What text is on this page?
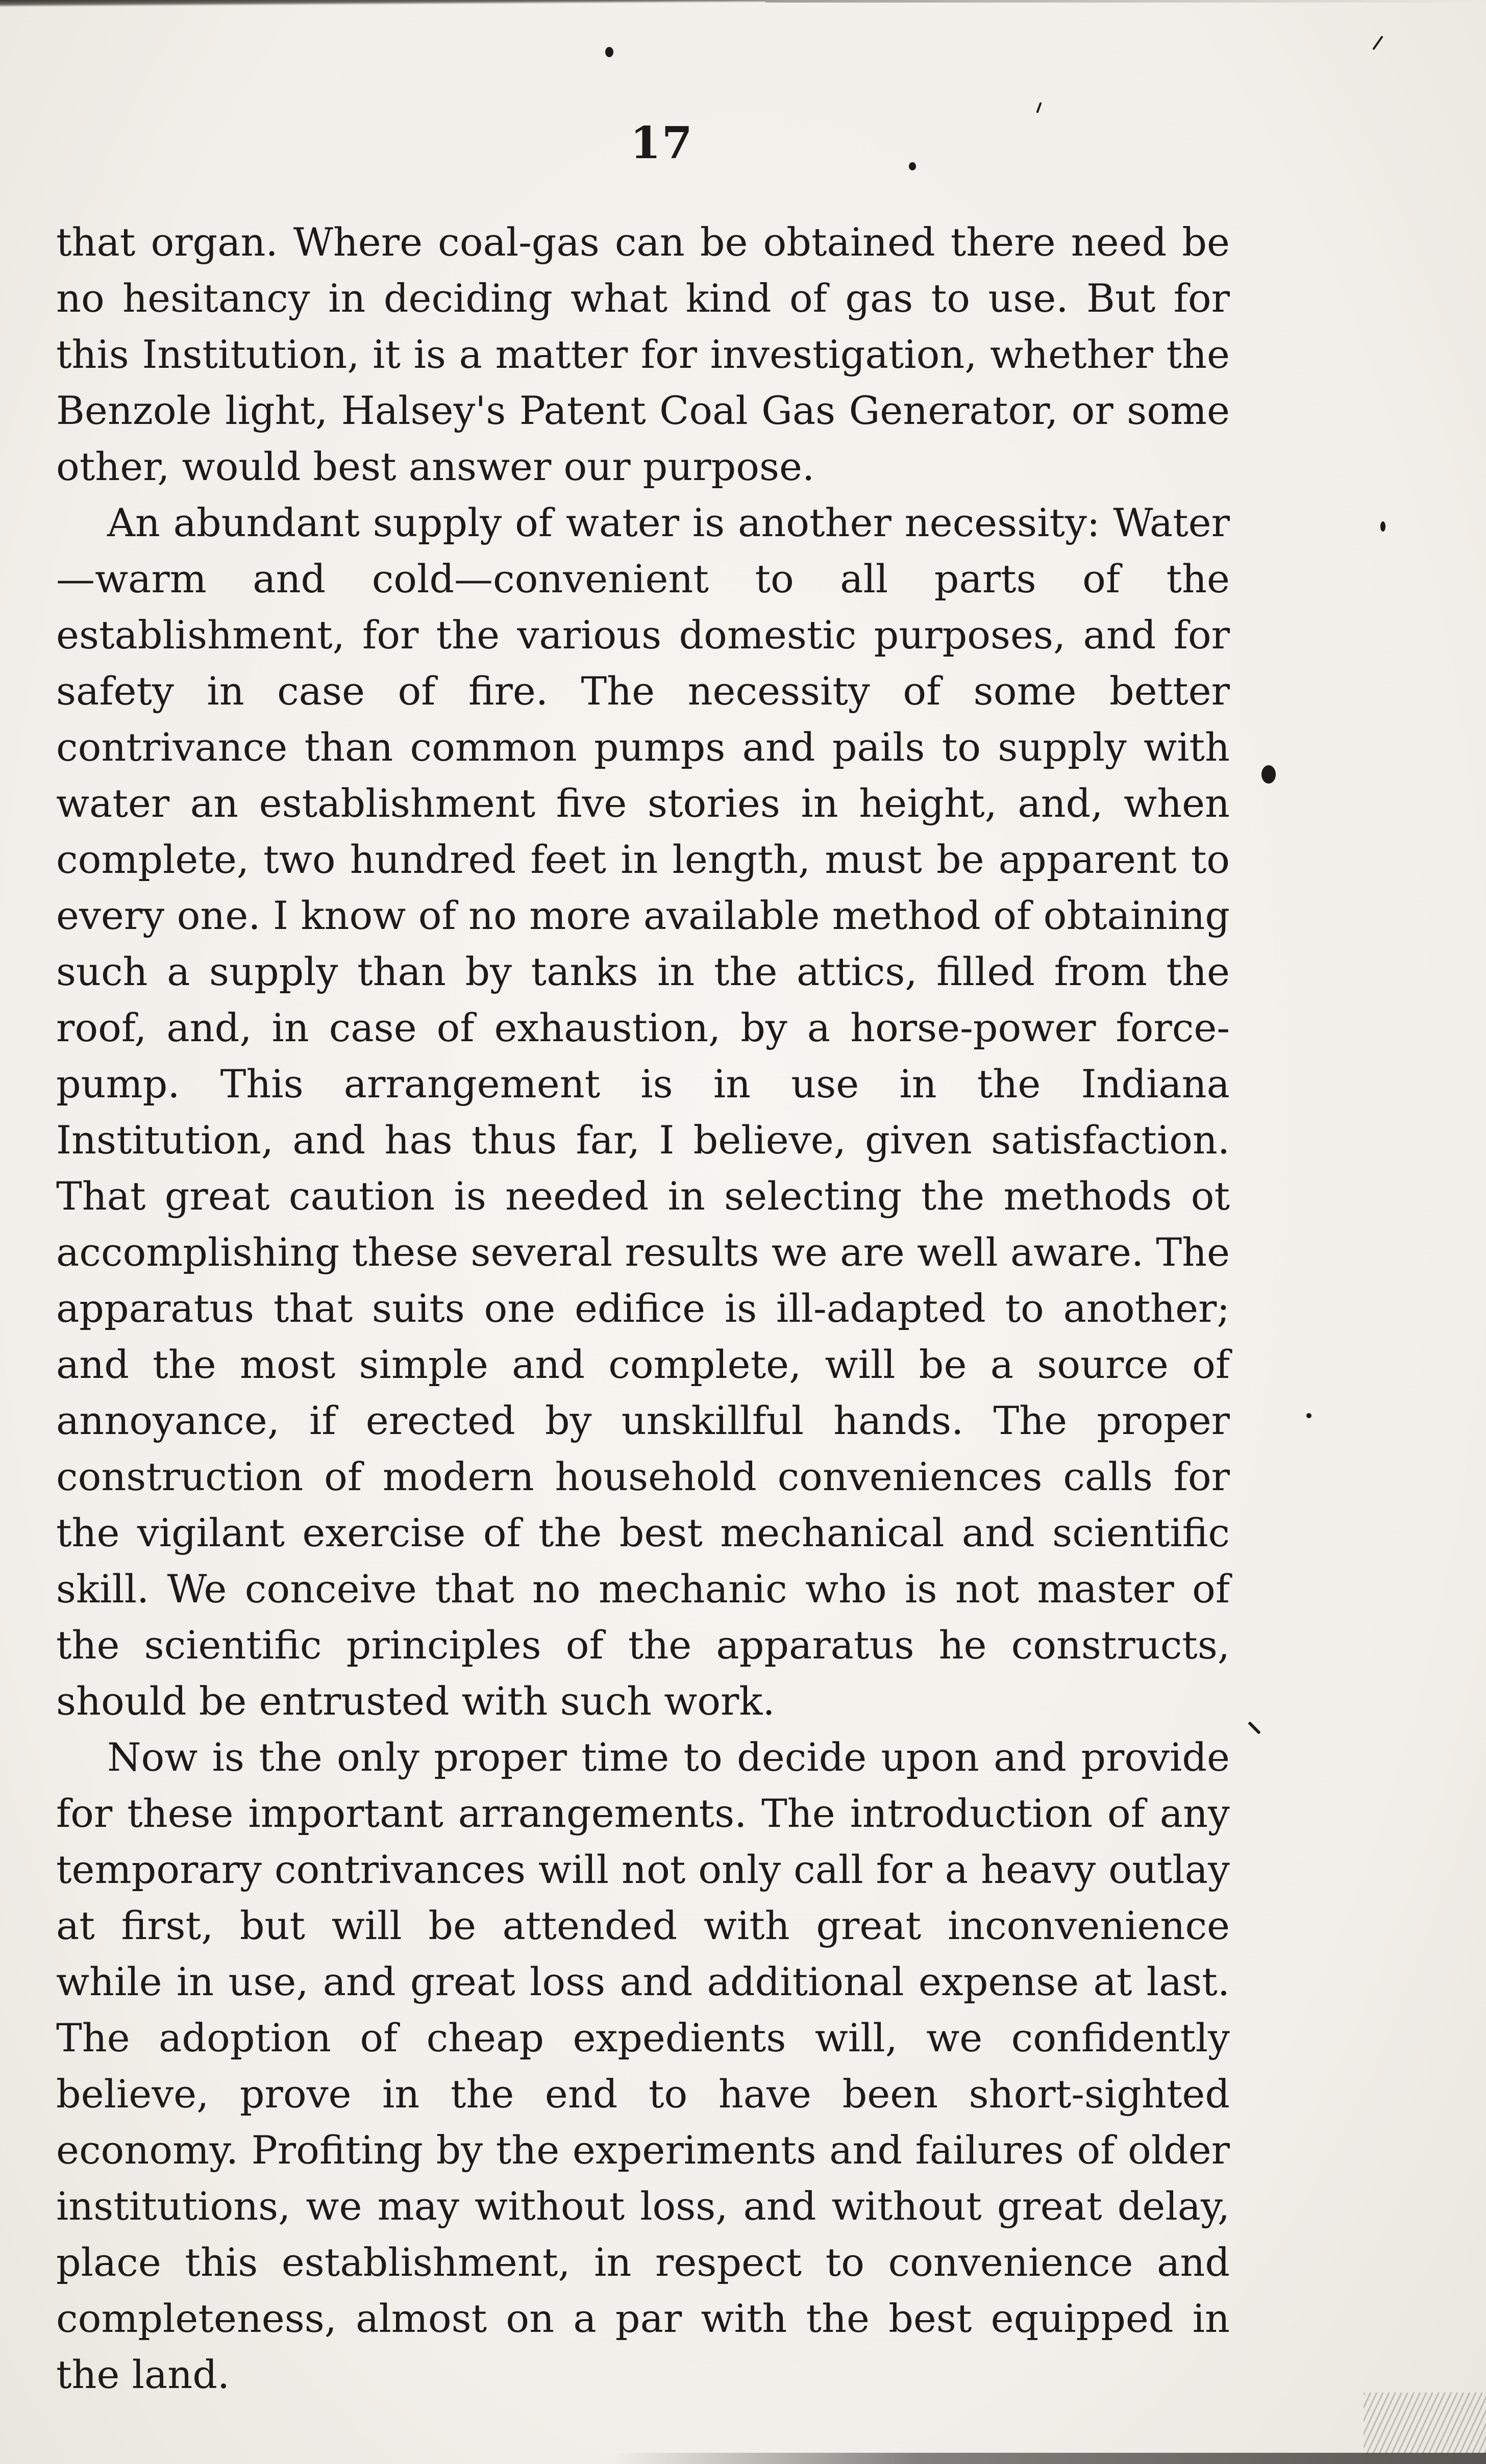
17

that organ. Where coal-gas can be obtained there need be no hesitancy in deciding what kind of gas to use. But for this Institution, it is a matter for investigation, whether the Benzole light, Halsey's Patent Coal Gas Generator, or some other, would best answer our purpose.

An abundant supply of water is another necessity: Water —warm and cold—convenient to all parts of the establishment, for the various domestic purposes, and for safety in case of fire. The necessity of some better contrivance than common pumps and pails to supply with water an establishment five stories in height, and, when complete, two hundred feet in length, must be apparent to every one. I know of no more available method of obtaining such a supply than by tanks in the attics, filled from the roof, and, in case of exhaustion, by a horse-power force-pump. This arrangement is in use in the Indiana Institution, and has thus far, I believe, given satisfaction. That great caution is needed in selecting the methods ot accomplishing these several results we are well aware. The apparatus that suits one edifice is ill-adapted to another; and the most simple and complete, will be a source of annoyance, if erected by unskillful hands. The proper construction of modern household conveniences calls for the vigilant exercise of the best mechanical and scientific skill. We conceive that no mechanic who is not master of the scientific principles of the apparatus he constructs, should be entrusted with such work.

Now is the only proper time to decide upon and provide for these important arrangements. The introduction of any temporary contrivances will not only call for a heavy outlay at first, but will be attended with great inconvenience while in use, and great loss and additional expense at last. The adoption of cheap expedients will, we confidently believe, prove in the end to have been short-sighted economy. Profiting by the experiments and failures of older institutions, we may without loss, and without great delay, place this establishment, in respect to convenience and completeness, almost on a par with the best equipped in the land.
